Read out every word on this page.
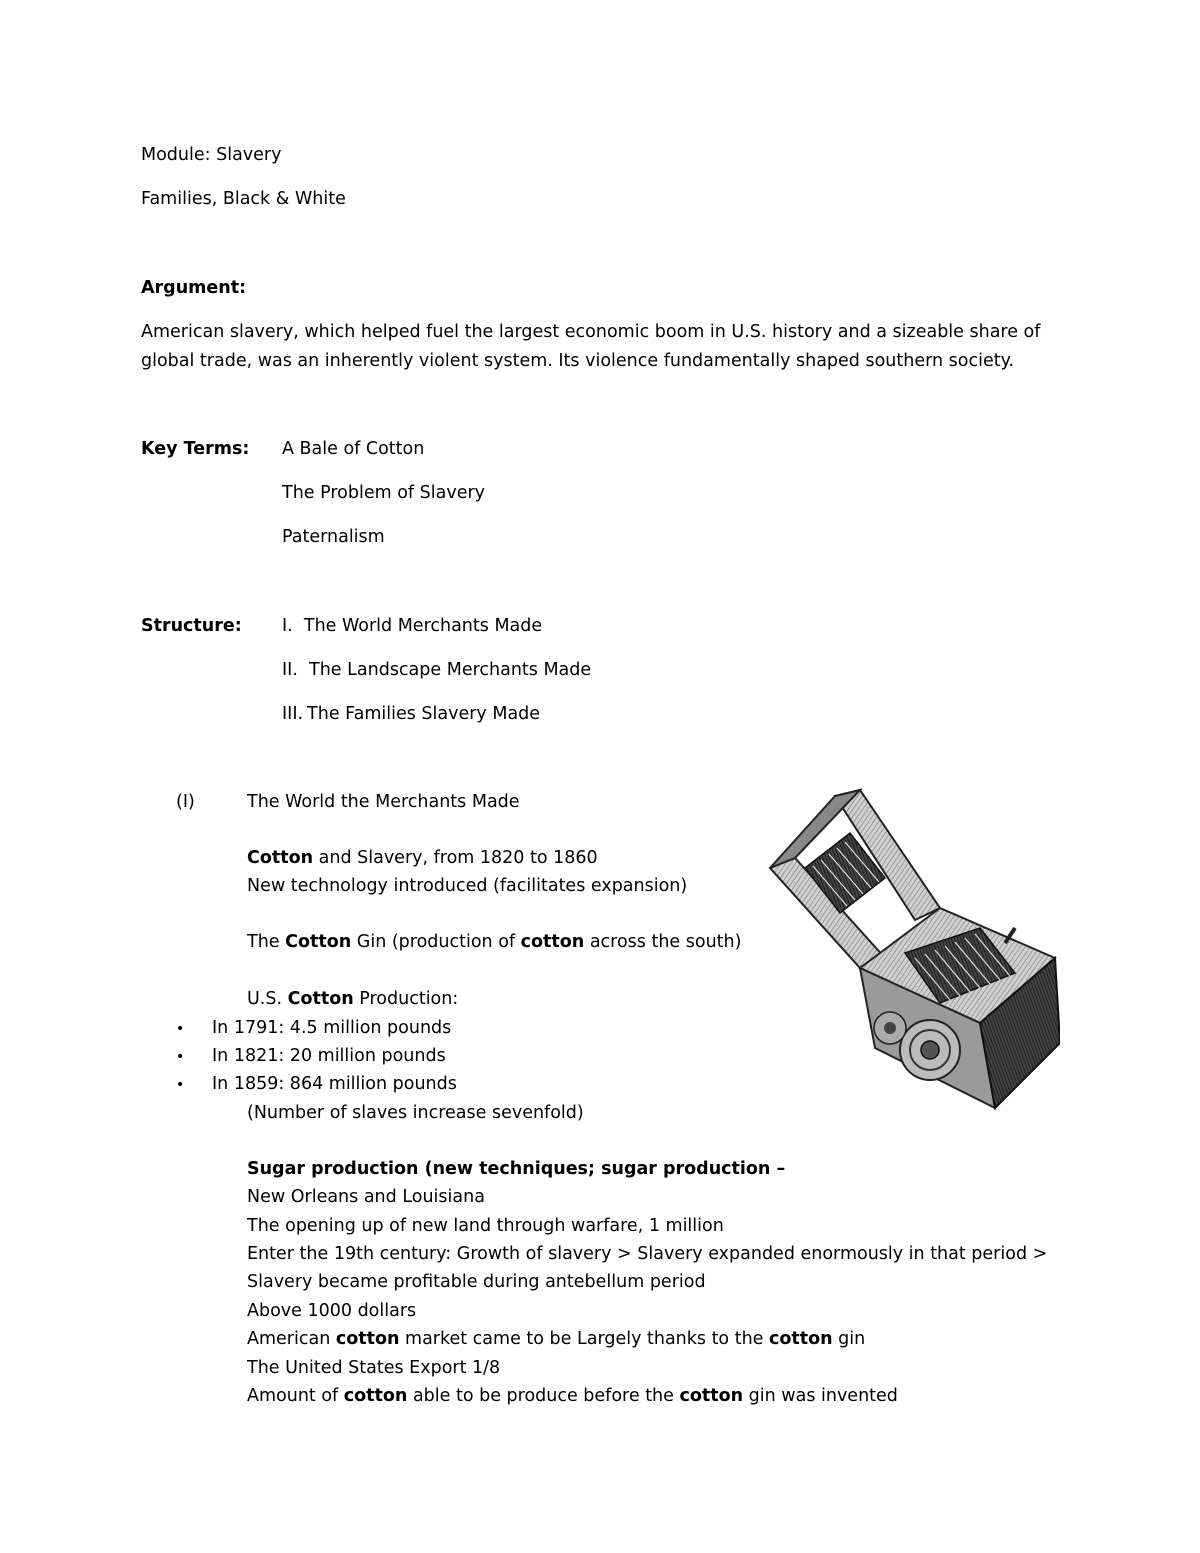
Module: Slavery
Families, Black & White
Argument:
American slavery, which helped fuel the largest economic boom in U.S. history and a sizeable share of
global trade, was an inherently violent system. Its violence fundamentally shaped southern society.
Key Terms: A Bale of Cotton
The Problem of Slavery
Paternalism
Structure: I. The World Merchants Made
II. The Landscape Merchants Made
III. The Families Slavery Made
(I)	The World the Merchants Made
Cotton and Slavery, from 1820 to 1860
New technology introduced (facilitates expansion)
The Cotton Gin (production of cotton across the south)
U.S. Cotton Production:
• In 1791: 4.5 million pounds
• In 1821: 20 million pounds
• In 1859: 864 million pounds
(Number of slaves increase sevenfold)
Sugar production (new techniques; sugar production –
New Orleans and Louisiana
The opening up of new land through warfare, 1 million
Enter the 19th century: Growth of slavery > Slavery expanded enormously in that period >
Slavery became profitable during antebellum period
Above 1000 dollars
American cotton market came to be Largely thanks to the cotton gin
The United States Export 1/8
Amount of cotton able to be produce before the cotton gin was invented
